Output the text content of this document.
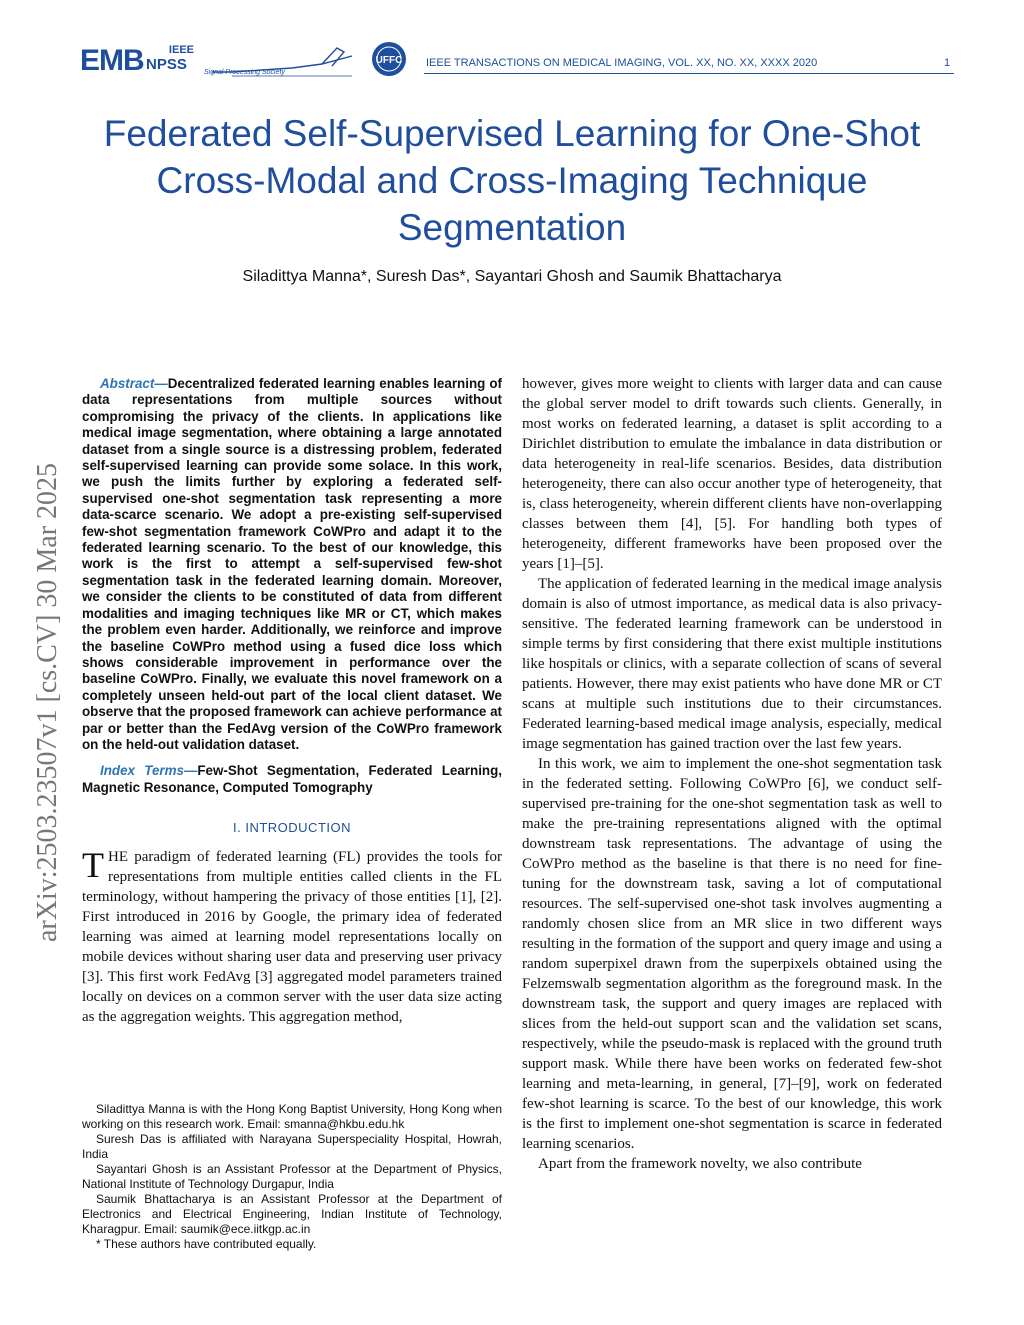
EMB	IEEE
NPSS	Signal Processing Society
UFFC IEEE TRANSACTIONS ON MEDICAL IMAGING, VOL. XX, NO. XX, XXXX 2020	1
Federated Self-Supervised Learning for One-Shot Cross-Modal and Cross-Imaging Technique Segmentation
Siladittya Manna*, Suresh Das*, Sayantari Ghosh and Saumik Bhattacharya
arXiv:2503.23507v1 [cs.CV] 30 Mar 2025

Abstract—Decentralized federated learning enables learning of data representations from multiple sources without compromising the privacy of the clients. In applications like medical image segmentation, where obtaining a large annotated dataset from a single source is a distressing problem, federated self-supervised learning can provide some solace. In this work, we push the limits further by exploring a federated self-supervised one-shot segmentation task representing a more data-scarce scenario. We adopt a pre-existing self-supervised few-shot segmentation framework CoWPro and adapt it to the federated learning scenario. To the best of our knowledge, this work is the first to attempt a self-supervised few-shot segmentation task in the federated learning domain. Moreover, we consider the clients to be constituted of data from different modalities and imaging techniques like MR or CT, which makes the problem even harder. Additionally, we reinforce and improve the baseline CoWPro method using a fused dice loss which shows considerable improvement in performance over the baseline CoWPro. Finally, we evaluate this novel framework on a completely unseen held-out part of the local client dataset. We observe that the proposed framework can achieve performance at par or better than the FedAvg version of the CoWPro framework on the held-out validation dataset.

Index Terms—Few-Shot Segmentation, Federated Learning, Magnetic Resonance, Computed Tomography

I. INTRODUCTION

THE paradigm of federated learning (FL) provides the tools for representations from multiple entities called clients in the FL terminology, without hampering the privacy of those entities [1], [2]. First introduced in 2016 by Google, the primary idea of federated learning was aimed at learning model representations locally on mobile devices without sharing user data and preserving user privacy [3]. This first work FedAvg [3] aggregated model parameters trained locally on devices on a common server with the user data size acting as the aggregation weights. This aggregation method,

Siladittya Manna is with the Hong Kong Baptist University, Hong Kong when working on this research work. Email: smanna@hkbu.edu.hk

Suresh Das is affiliated with Narayana Superspeciality Hospital, Howrah, India

Sayantari Ghosh is an Assistant Professor at the Department of Physics, National Institute of Technology Durgapur, India

Saumik Bhattacharya is an Assistant Professor at the Department of Electronics and Electrical Engineering, Indian Institute of Technology, Kharagpur. Email: saumik@ece.iitkgp.ac.in

* These authors have contributed equally.

however, gives more weight to clients with larger data and can cause the global server model to drift towards such clients. Generally, in most works on federated learning, a dataset is split according to a Dirichlet distribution to emulate the imbalance in data distribution or data heterogeneity in real-life scenarios. Besides, data distribution heterogeneity, there can also occur another type of heterogeneity, that is, class heterogeneity, wherein different clients have non-overlapping classes between them [4], [5]. For handling both types of heterogeneity, different frameworks have been proposed over the years [1]–[5].

The application of federated learning in the medical image analysis domain is also of utmost importance, as medical data is also privacy-sensitive. The federated learning framework can be understood in simple terms by first considering that there exist multiple institutions like hospitals or clinics, with a separate collection of scans of several patients. However, there may exist patients who have done MR or CT scans at multiple such institutions due to their circumstances. Federated learning-based medical image analysis, especially, medical image segmentation has gained traction over the last few years.

In this work, we aim to implement the one-shot segmentation task in the federated setting. Following CoWPro [6], we conduct self-supervised pre-training for the one-shot segmentation task as well to make the pre-training representations aligned with the optimal downstream task representations. The advantage of using the CoWPro method as the baseline is that there is no need for fine-tuning for the downstream task, saving a lot of computational resources. The self-supervised one-shot task involves augmenting a randomly chosen slice from an MR slice in two different ways resulting in the formation of the support and query image and using a random superpixel drawn from the superpixels obtained using the Felzemswalb segmentation algorithm as the foreground mask. In the downstream task, the support and query images are replaced with slices from the held-out support scan and the validation set scans, respectively, while the pseudo-mask is replaced with the ground truth support mask. While there have been works on federated few-shot learning and meta-learning, in general, [7]–[9], work on federated few-shot learning is scarce. To the best of our knowledge, this work is the first to implement one-shot segmentation is scarce in federated learning scenarios.

Apart from the framework novelty, we also contribute
